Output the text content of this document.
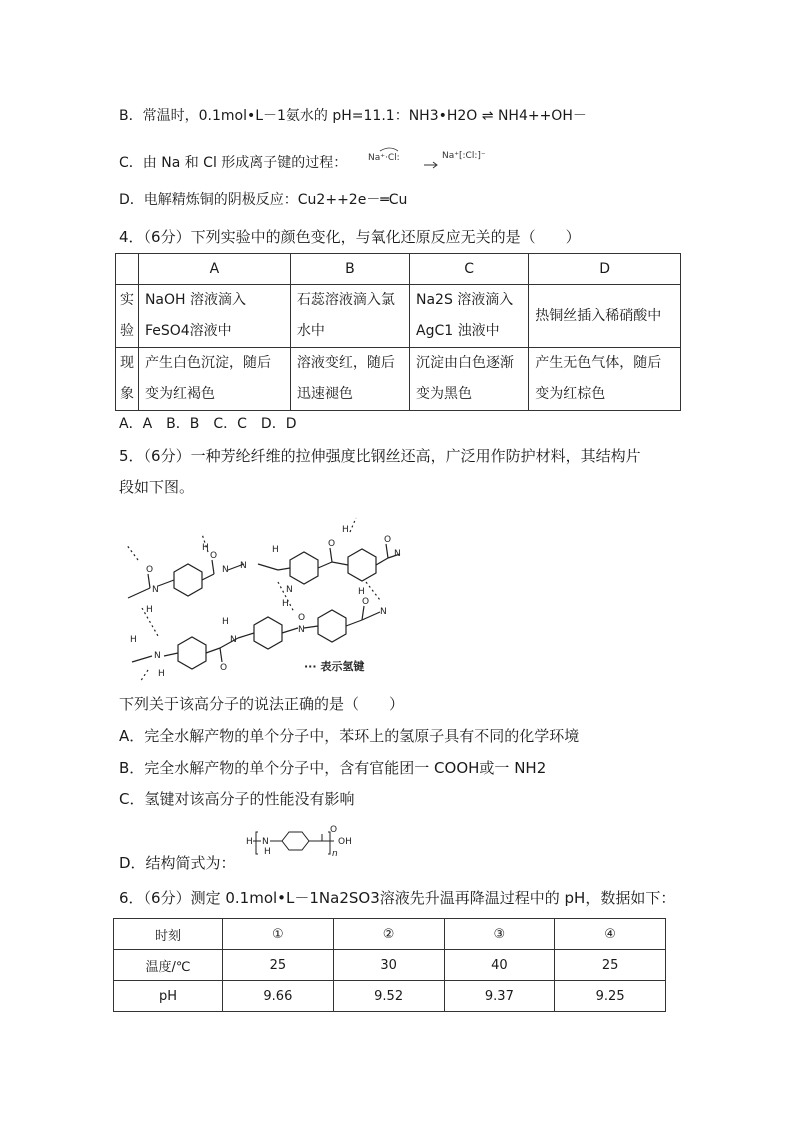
B．常温时，0.1mol•L－1氨水的 pH=11.1：NH3•H2O ⇌ NH4++OH－
C．由 Na 和 Cl 形成离子键的过程： Na⁺·Cl:	Na⁺[:Cl:]⁻
D．电解精炼铜的阴极反应：Cu2++2e－═Cu
4．（6分）下列实验中的颜色变化，与氧化还原反应无关的是（　　）
	A	B	C	D
实验	NaOH 溶液滴入 FeSO4溶液中	石蕊溶液滴入氯水中	Na2S 溶液滴入 AgC1 浊液中	热铜丝插入稀硝酸中
现象	产生白色沉淀，随后变为红褐色	溶液变红，随后迅速褪色	沉淀由白色逐渐变为黑色	产生无色气体，随后变为红棕色
A．A　B．B　C．C　D．D
5．（6分）一种芳纶纤维的拉伸强度比钢丝还高，广泛用作防护材料，其结构片
段如下图。
O
N
H
N
H
O
N
H
H
O
N
H
O
N
H
H
N
N
O
O
O
N
N
H
H
··· 表示氢键
下列关于该高分子的说法正确的是（　　）
A．完全水解产物的单个分子中，苯环上的氢原子具有不同的化学环境
B．完全水解产物的单个分子中，含有官能团一 COOH或一 NH2
C．氢键对该高分子的性能没有影响
D．结构简式为：
H N
H
OH
O
n
6．（6分）测定 0.1mol•L－1Na2SO3溶液先升温再降温过程中的 pH，数据如下：
时刻	①	②	③	④
温度/℃	25	30	40	25
pH	9.66	9.52	9.37	9.25
